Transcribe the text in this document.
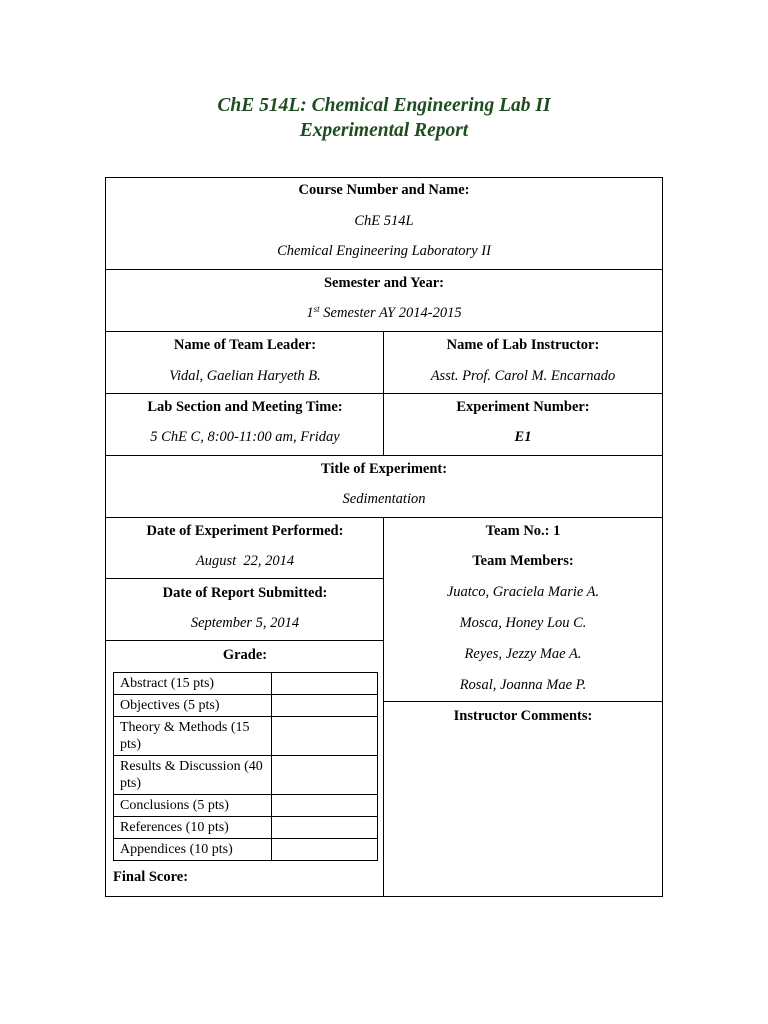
ChE 514L: Chemical Engineering Lab II
Experimental Report
Course Number and Name:
ChE 514L
Chemical Engineering Laboratory II
Semester and Year:
1st Semester AY 2014-2015
Name of Team Leader:
Vidal, Gaelian Haryeth B.
Name of Lab Instructor:
Asst. Prof. Carol M. Encarnado
Lab Section and Meeting Time:
5 ChE C, 8:00-11:00 am, Friday
Experiment Number:
E1
Title of Experiment:
Sedimentation
Date of Experiment Performed:
August  22, 2014
Date of Report Submitted:
September 5, 2014
Grade:
Abstract (15 pts)	
Objectives (5 pts)	
Theory & Methods (15 pts)	
Results & Discussion (40 pts)	
Conclusions (5 pts)	
References (10 pts)	
Appendices (10 pts)	
Final Score:
Team No.: 1
Team Members:
Juatco, Graciela Marie A.
Mosca, Honey Lou C.
Reyes, Jezzy Mae A.
Rosal, Joanna Mae P.
Instructor Comments:
